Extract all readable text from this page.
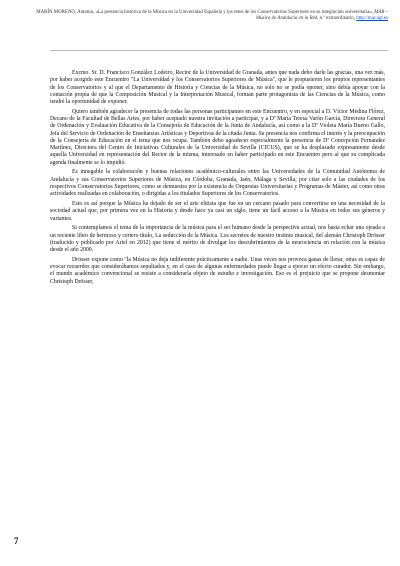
MARÍN MORENO, Antonio, «La presencia histórica de la Música en la Universidad Española y los retos de los Conservatorios Superiores en su integración universitaria», MAR – Música de Andalucía en la Red, n.º extraordinario, http://mar.ugr.es

Excmo. Sr. D. Francisco González Lodeiro, Rector de la Universidad de Granada, antes que nada debo darle las gracias, una vez más, por haber acogido este Encuentro "La Universidad y los Conservatorios Superiores de Música", que le propusieron los propios representantes de los Conservatorios y al que el Departamento de Historia y Ciencias de la Música, no solo no se podía oponer, sino debía apoyar con la contación propia de que la Composición Musical y la Interpretación Musical, forman parte protagonista de las Ciencias de la Música, como tendré la oportunidad de exponer.

Quiero también agradecer la presencia de todas las personas participantes en este Encuentro, y en especial a D. Víctor Medina Flórez, Decano de la Facultad de Bellas Artes, por haber aceptado nuestra invitación a participar, y a Dª María Teresa Varón García, Directora General de Ordenación y Evaluación Educativa de la Consejería de Educación de la Junta de Andalucía, así como a la Dª Violeta María Bueno Gallo, Jefa del Servicio de Ordenación de Enseñanzas Artísticas y Deportivas de la citada Junta. Su presencia nos confirma el interés y la preocupación de la Consejería de Educación en el tema que nos ocupa. También debo agradecer especialmente la presencia de Dª Concepción Fernández Martínez, Directora del Centro de Iniciativas Culturales de la Universidad de Sevilla (CICUS), que se ha desplazado expresamente desde aquella Universidad en representación del Rector de la misma, interesado en haber participado en este Encuentro pero al que su complicada agenda finalmente se lo impidió.

Es innegable la colaboración y buenas relaciones académico-culturales entre las Universidades de la Comunidad Autónoma de Andalucía y sus Conservatorios Superiores de Música, en Córdoba, Granada, Jaén, Málaga y Sevilla, por citar solo a las ciudades de los respectivos Conservatorios Superiores, como se demuestra por la existencia de Orquestas Universitarias y Programas de Máster, así como otras actividades realizadas en colaboración, o dirigidas a los titulados Superiores de los Conservatorios.

Esto es así porque la Música ha dejado de ser el arte elitista que fue en un cercano pasado para convertirse en una necesidad de la sociedad actual que, por primera vez en la Historia y desde hace ya casi un siglo, tiene un fácil acceso a la Música en todos sus géneros y variantes.

Si contemplamos el tema de la importancia de la música para el ser humano desde la perspectiva actual, nos basta echar una ojeada a un reciente libro de hermoso y certero título, La seducción de la Música. Los secretos de nuestro instinto musical, del alemán Christoph Drösser (traducido y publicado por Ariel en 2012) que tiene el mérito de divulgar los descubrimientos de la neurociencia en relación con la música desde el año 2000.

Drösser expone como "la Música no deja indiferente prácticamente a nadie. Unas veces nos provoca ganas de llorar, otras es capaz de evocar recuerdos que considerábamos sepultados y, en el caso de algunas enfermedades puede llegar a ejercer un efecto curador. Sin embargo, el mundo académico convencional se resiste a considerarla objeto de estudio e investigación. Eso es el prejuicio que se propone desmontar Christoph Drösser,

7
